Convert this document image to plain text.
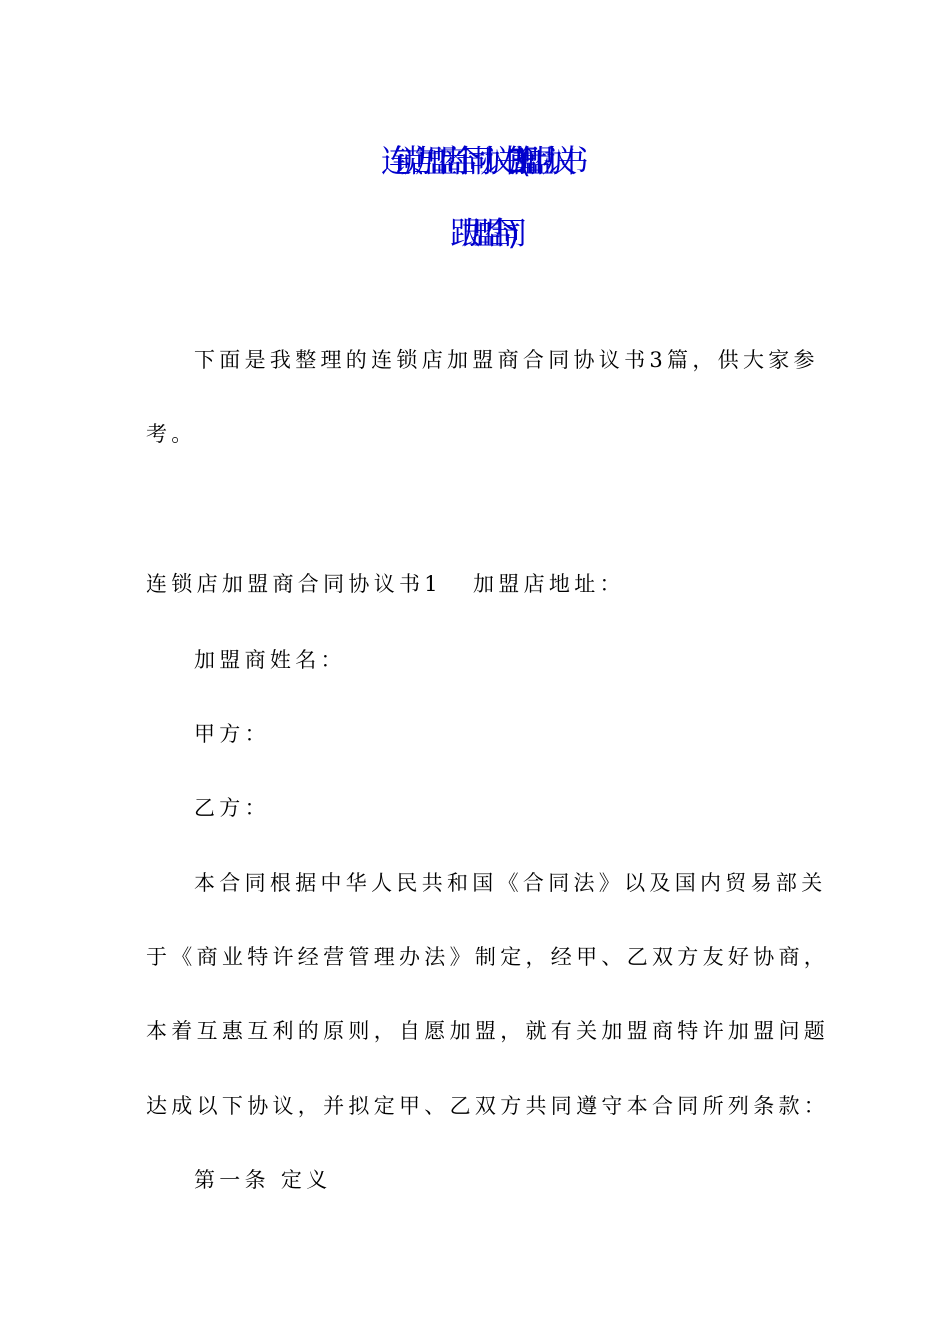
连锁店加盟商合同协议书3篇(加盟协议书
跟加盟合同)
下面是我整理的连锁店加盟商合同协议书3篇，供大家参
考。
连锁店加盟商合同协议书1 加盟店地址：
加盟商姓名：
甲方：
乙方：
本合同根据中华人民共和国《合同法》以及国内贸易部关
于《商业特许经营管理办法》制定，经甲、乙双方友好协商，
本着互惠互利的原则，自愿加盟，就有关加盟商特许加盟问题
达成以下协议，并拟定甲、乙双方共同遵守本合同所列条款：
第一条 定义
